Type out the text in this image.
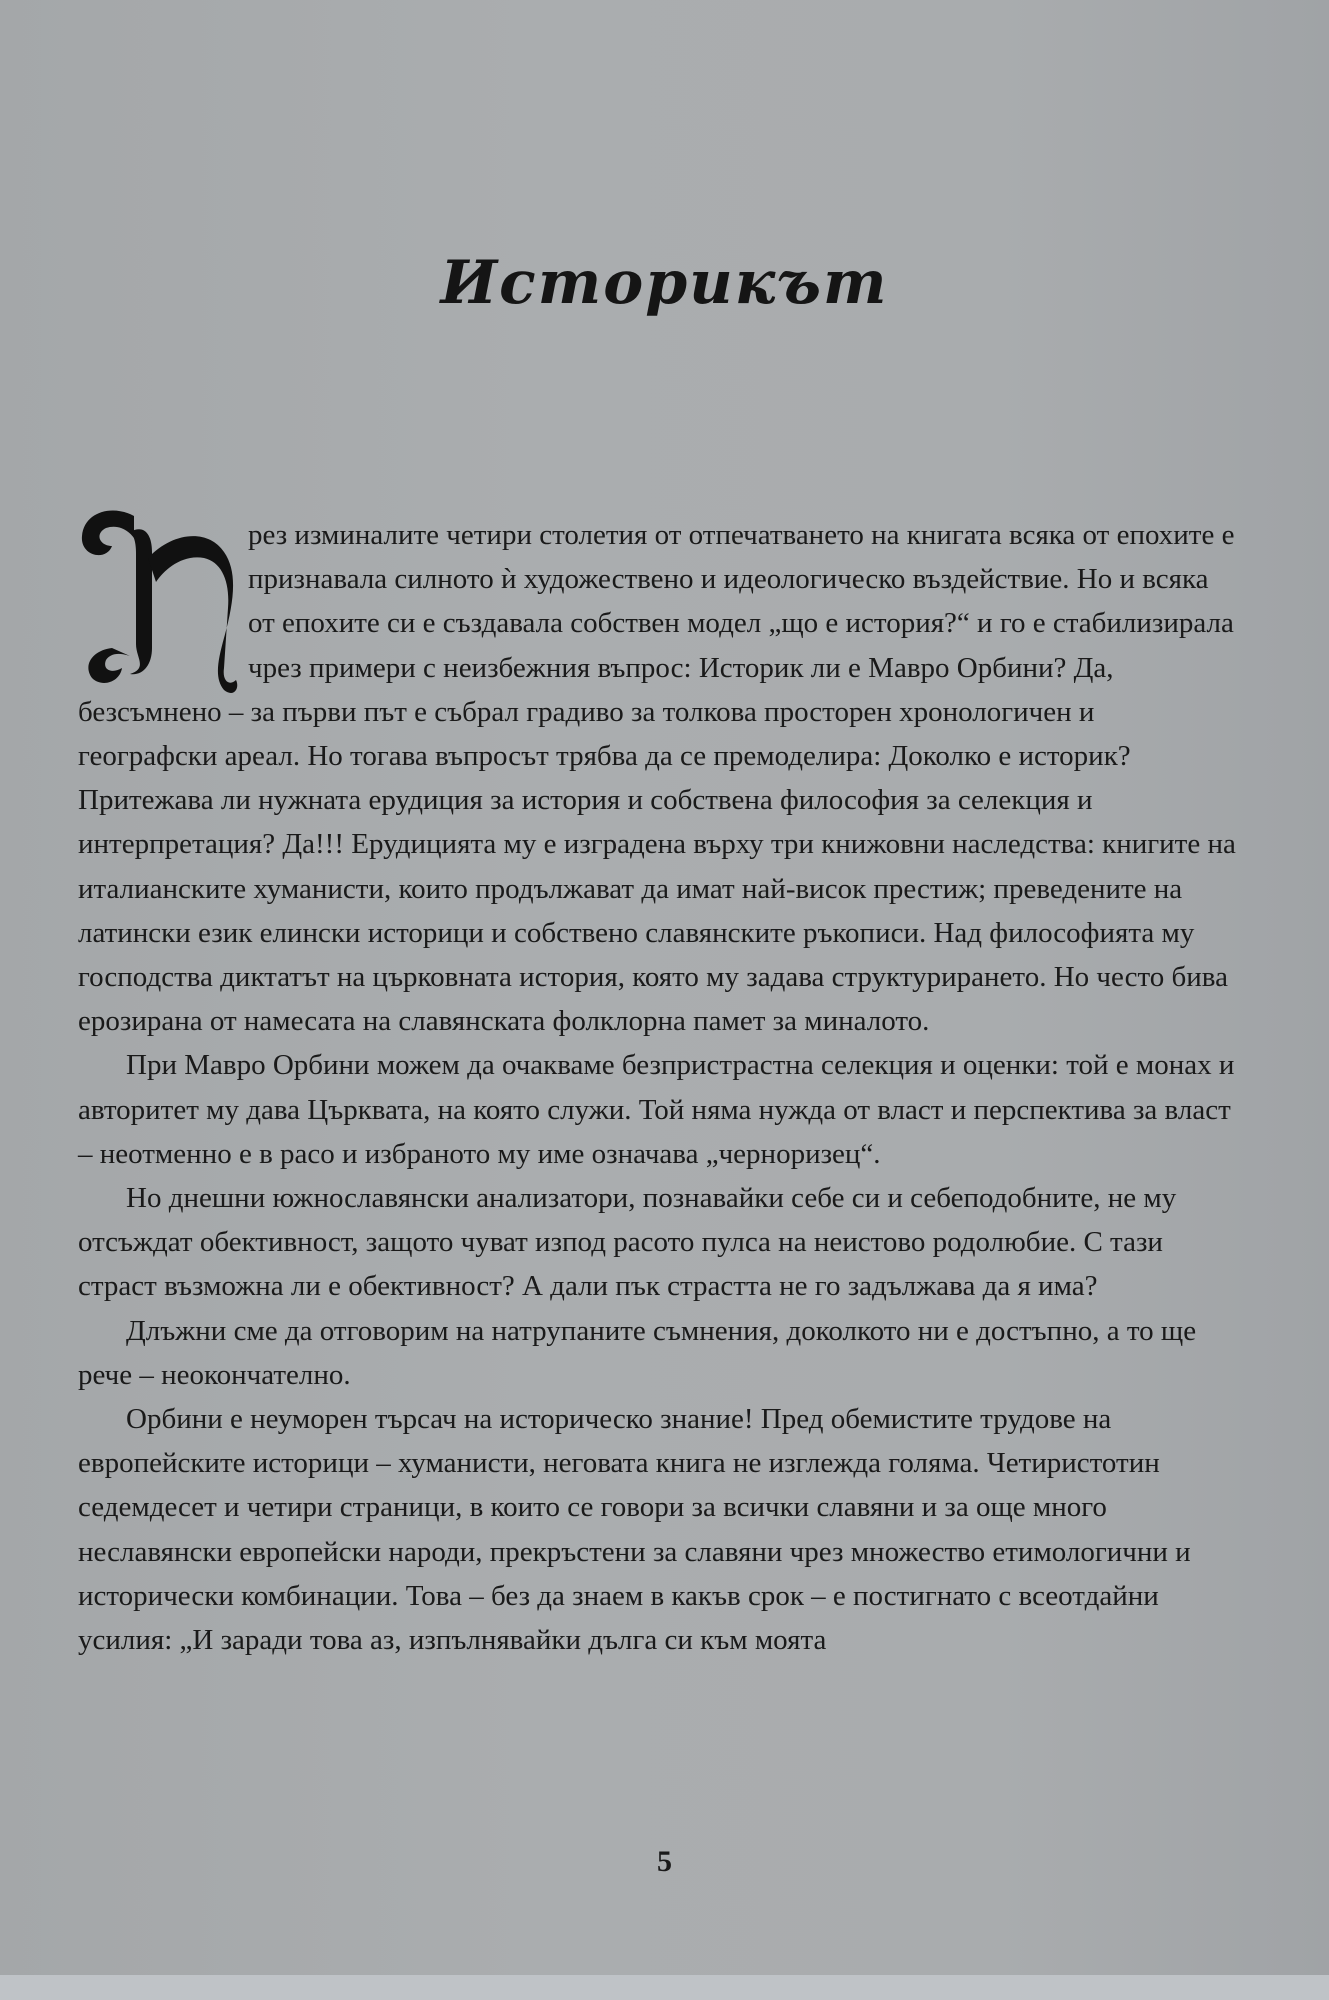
Историкът

рез изминалите четири столетия от отпечатването на книгата всяка от епохите е признавала силното ѝ художествено и идеологическо въздействие. Но и всяка от епохите си е създавала собствен модел „що е история?“ и го е стабилизирала чрез примери с неизбежния въпрос: Историк ли е Мавро Орбини? Да, безсъмнено – за първи път е събрал градиво за толкова просторен хронологичен и географски ареал. Но тогава въпросът трябва да се премоделира: Доколко е историк? Притежава ли нужната ерудиция за история и собствена философия за селекция и интерпретация? Да!!! Ерудицията му е изградена върху три книжовни наследства: книгите на италианските хуманисти, които продължават да имат най-висок престиж; преведените на латински език елински историци и собствено славянските ръкописи. Над философията му господства диктатът на църковната история, която му задава структурирането. Но често бива ерозирана от намесата на славянската фолклорна памет за миналото.

При Мавро Орбини можем да очакваме безпристрастна селекция и оценки: той е монах и авторитет му дава Църквата, на която служи. Той няма нужда от власт и перспектива за власт – неотменно е в расо и избраното му име означава „черноризец“.

Но днешни южнославянски анализатори, познавайки себе си и себеподобните, не му отсъждат обективност, защото чуват изпод расото пулса на неистово родолюбие. С тази страст възможна ли е обективност? А дали пък страстта не го задължава да я има?

Длъжни сме да отговорим на натрупаните съмнения, доколкото ни е достъпно, а то ще рече – неокончателно.

Орбини е неуморен търсач на историческо знание! Пред обемистите трудове на европейските историци – хуманисти, неговата книга не изглежда голяма. Четиристотин седемдесет и четири страници, в които се говори за всички славяни и за още много неславянски европейски народи, прекръстени за славяни чрез множество етимологични и исторически комбинации. Това – без да знаем в какъв срок – е постигнато с всеотдайни усилия: „И заради това аз, изпълнявайки дълга си към моята

5
